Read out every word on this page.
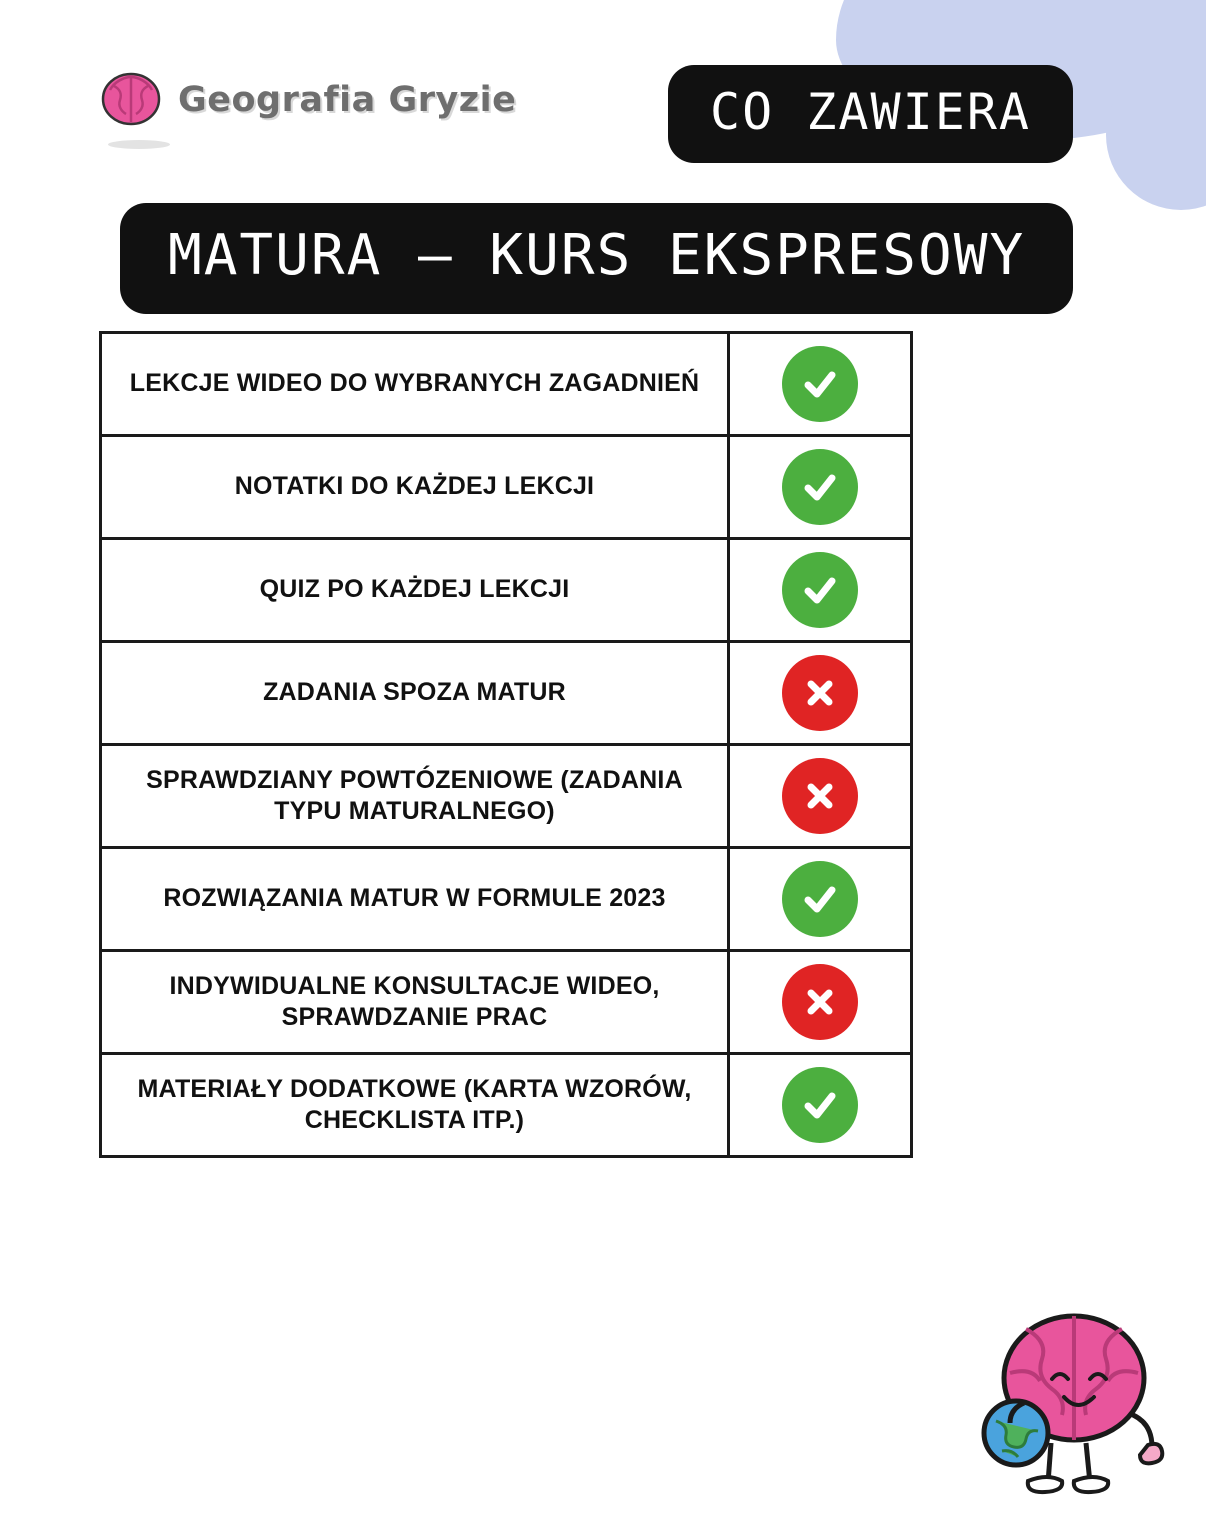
Geografia Gryzie	CO ZAWIERA
MATURA – KURS EKSPRESOWY
LEKCJE WIDEO DO WYBRANYCH ZAGADNIEŃ
NOTATKI DO KAŻDEJ LEKCJI
QUIZ PO KAŻDEJ LEKCJI
ZADANIA SPOZA MATUR
SPRAWDZIANY POWTÓZENIOWE (ZADANIA TYPU MATURALNEGO)
ROZWIĄZANIA MATUR W FORMULE 2023
INDYWIDUALNE KONSULTACJE WIDEO, SPRAWDZANIE PRAC
MATERIAŁY DODATKOWE (KARTA WZORÓW, CHECKLISTA ITP.)
